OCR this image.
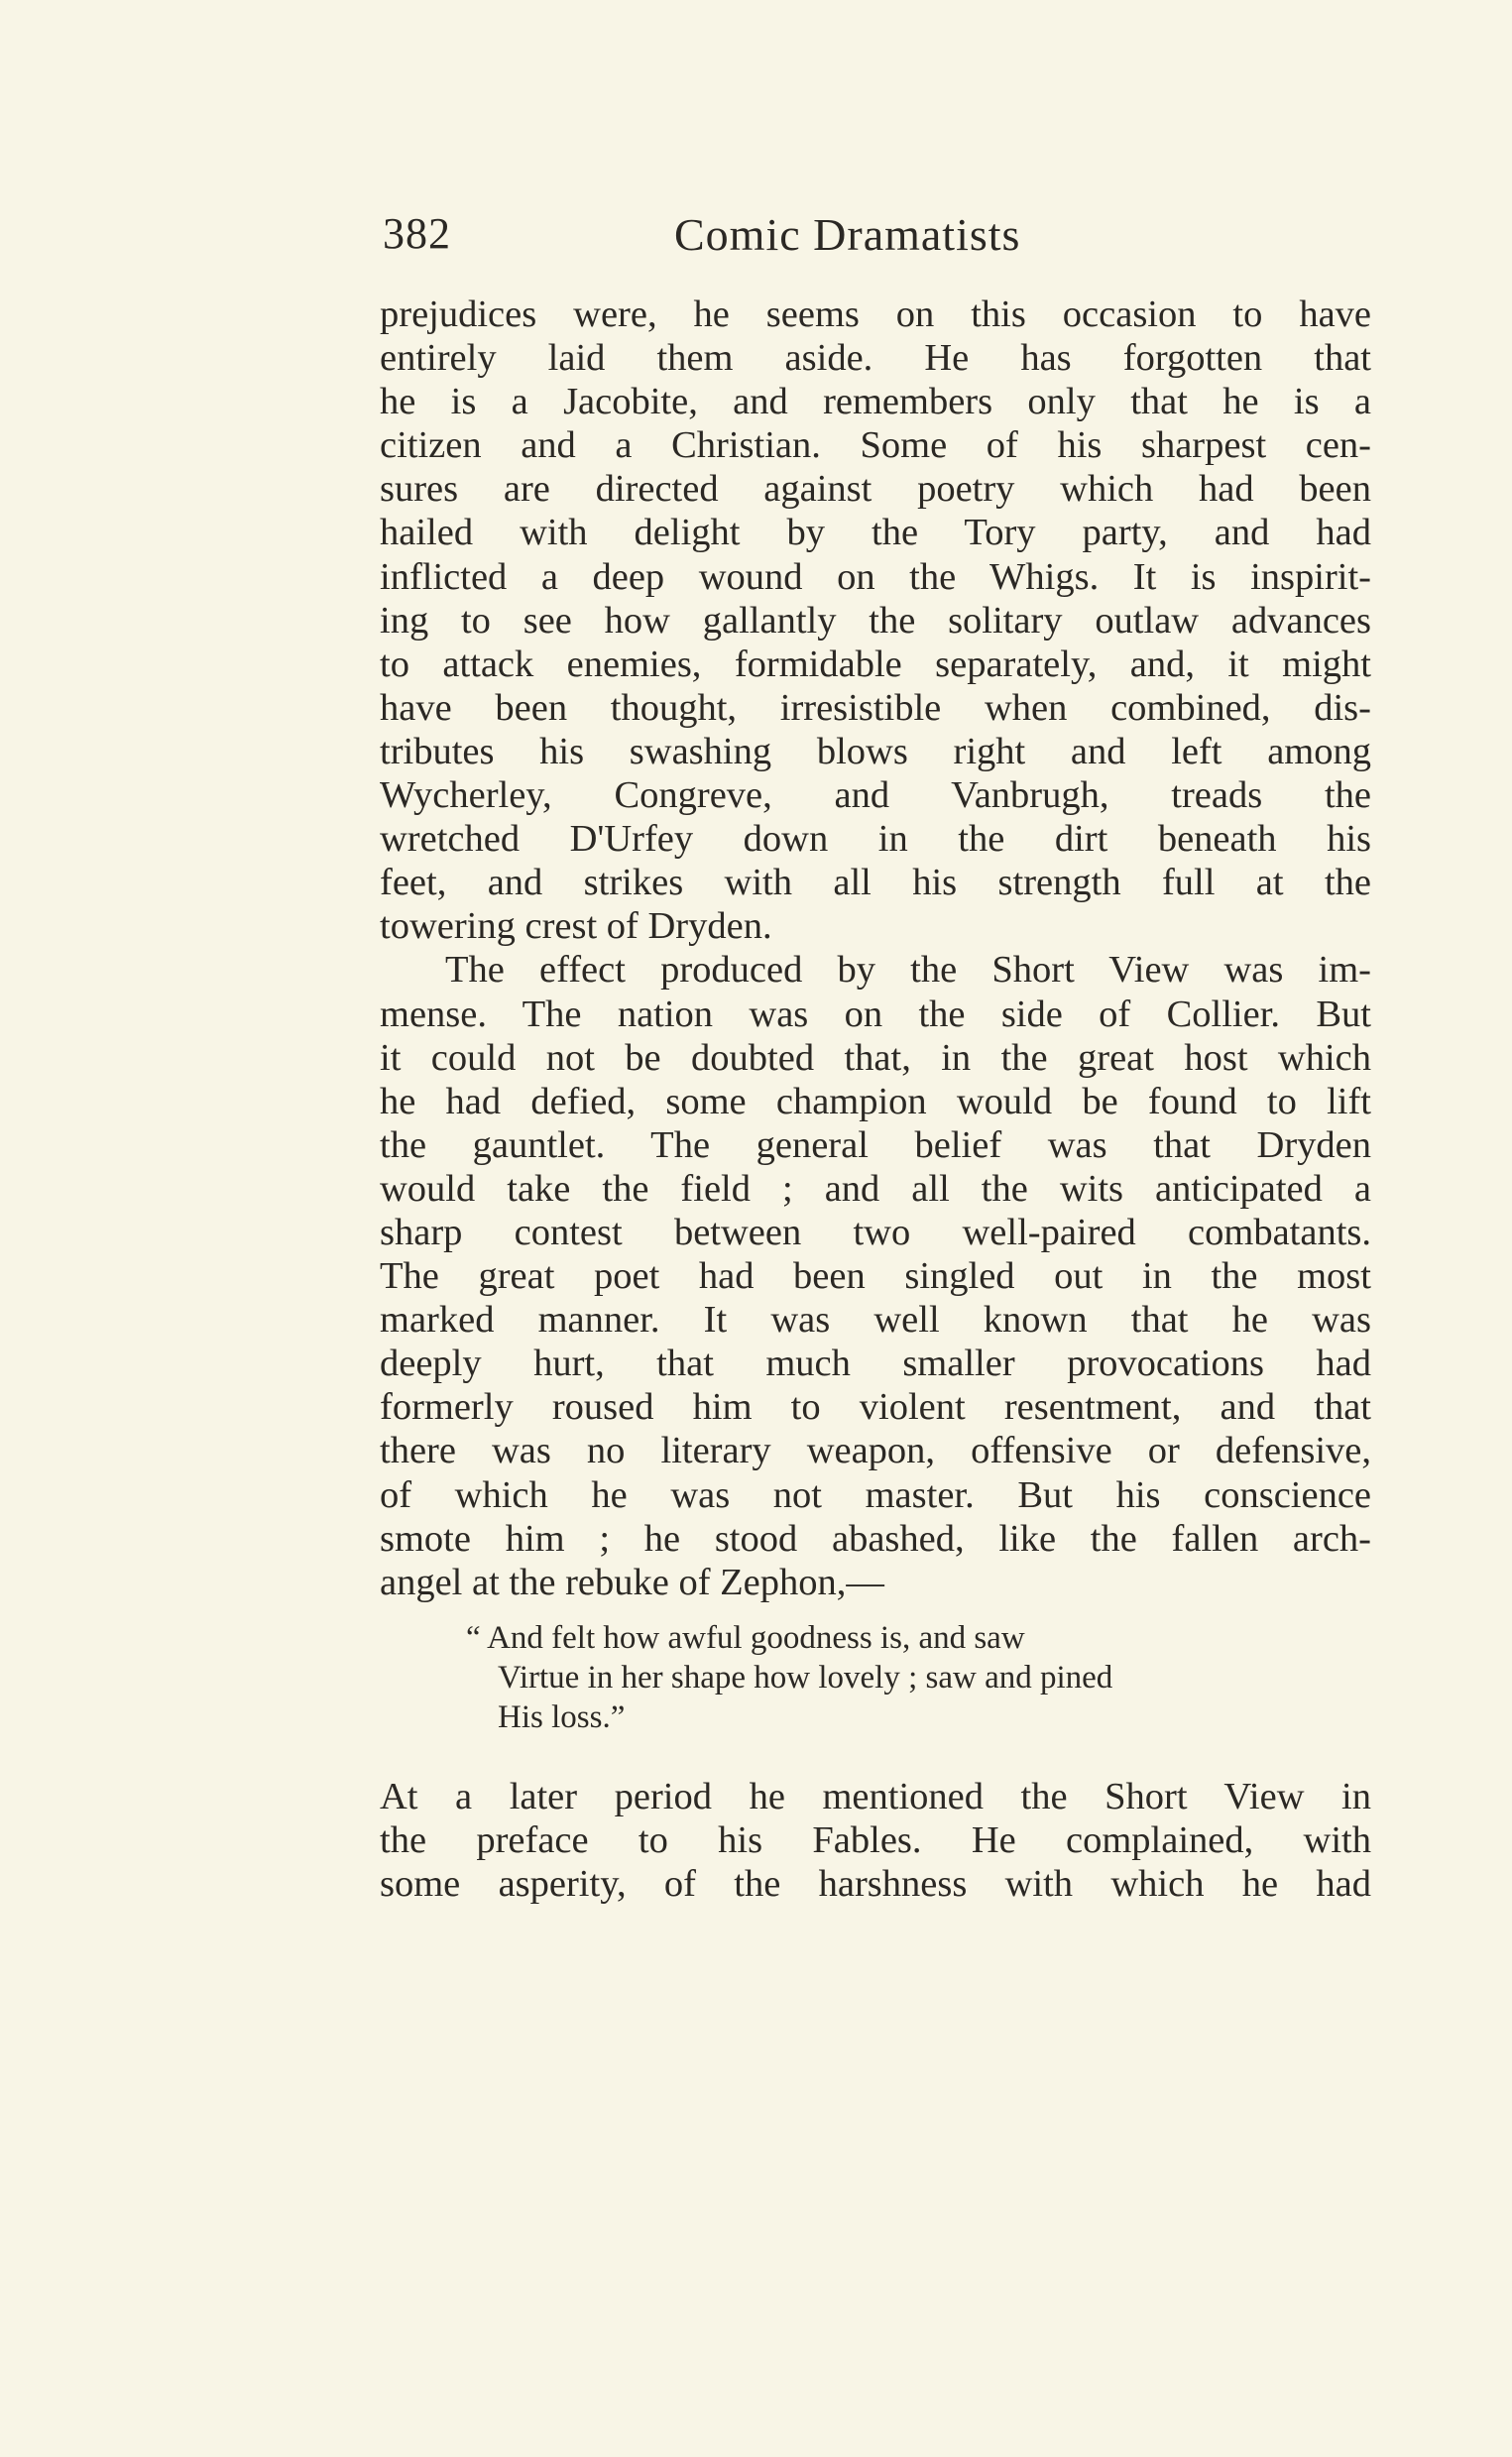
382	Comic Dramatists
prejudices were, he seems on this occasion to have
entirely laid them aside. He has forgotten that
he is a Jacobite, and remembers only that he is a
citizen and a Christian. Some of his sharpest cen-
sures are directed against poetry which had been
hailed with delight by the Tory party, and had
inflicted a deep wound on the Whigs. It is inspirit-
ing to see how gallantly the solitary outlaw advances
to attack enemies, formidable separately, and, it might
have been thought, irresistible when combined, dis-
tributes his swashing blows right and left among
Wycherley, Congreve, and Vanbrugh, treads the
wretched D'Urfey down in the dirt beneath his
feet, and strikes with all his strength full at the
towering crest of Dryden.
The effect produced by the Short View was im-
mense. The nation was on the side of Collier. But
it could not be doubted that, in the great host which
he had defied, some champion would be found to lift
the gauntlet. The general belief was that Dryden
would take the field ; and all the wits anticipated a
sharp contest between two well-paired combatants.
The great poet had been singled out in the most
marked manner. It was well known that he was
deeply hurt, that much smaller provocations had
formerly roused him to violent resentment, and that
there was no literary weapon, offensive or defensive,
of which he was not master. But his conscience
smote him ; he stood abashed, like the fallen arch-
angel at the rebuke of Zephon,—
“ And felt how awful goodness is, and saw
Virtue in her shape how lovely ; saw and pined
His loss.”
At a later period he mentioned the Short View in
the preface to his Fables. He complained, with
some asperity, of the harshness with which he had
